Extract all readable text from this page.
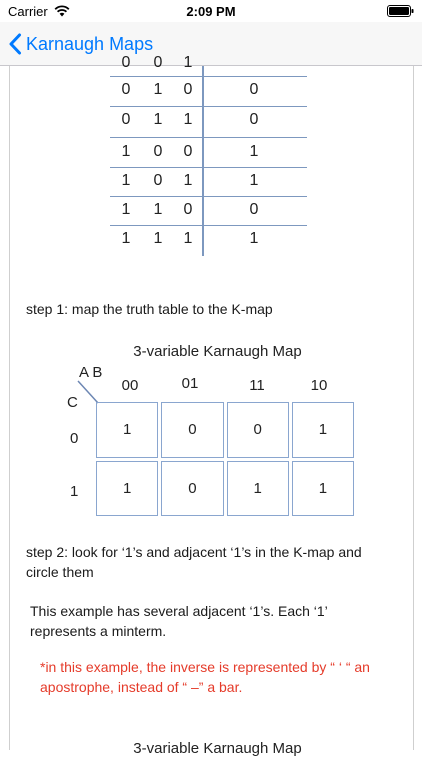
Carrier	2:09 PM
Karnaugh Maps
0	0	1
0	1	0	0
0	1	1	0
1	0	0	1
1	0	1	1
1	1	0	0
1	1	1	1
step 1: map the truth table to the K-map
3-variable Karnaugh Map
A B
C
00	01	11	10
0
1
1	0	0	1
1	0	1	1
step 2: look for ‘1’s and adjacent ‘1’s in the K-map and circle them
This example has several adjacent ‘1’s. Each ‘1’ represents a minterm.
*in this example, the inverse is represented by “ ‘ “ an apostrophe, instead of “ –” a bar.
3-variable Karnaugh Map
